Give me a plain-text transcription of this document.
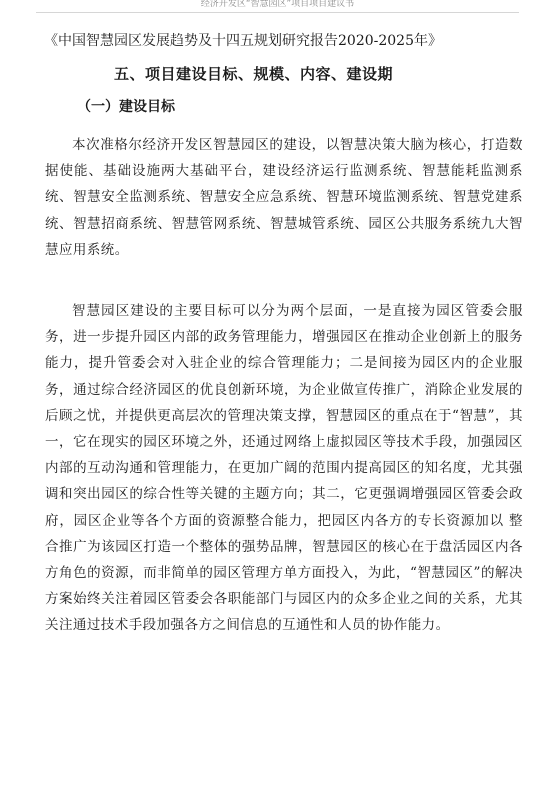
经济开发区“智慧园区”项目项目建议书
《中国智慧园区发展趋势及十四五规划研究报告2020-2025年》
五、项目建设目标、规模、内容、建设期
（一）建设目标

本次准格尔经济开发区智慧园区的建设，以智慧决策大脑为核心，打造数据使能、基础设施两大基础平台，建设经济运行监测系统、智慧能耗监测系统、智慧安全监测系统、智慧安全应急系统、智慧环境监测系统、智慧党建系统、智慧招商系统、智慧管网系统、智慧城管系统、园区公共服务系统九大智慧应用系统。

智慧园区建设的主要目标可以分为两个层面，一是直接为园区管委会服务，进一步提升园区内部的政务管理能力，增强园区在推动企业创新上的服务能力，提升管委会对入驻企业的综合管理能力；二是间接为园区内的企业服务，通过综合经济园区的优良创新环境，为企业做宣传推广，消除企业发展的后顾之忧，并提供更高层次的管理决策支撑，智慧园区的重点在于“智慧”，其一，它在现实的园区环境之外，还通过网络上虚拟园区等技术手段，加强园区内部的互动沟通和管理能力，在更加广阔的范围内提高园区的知名度，尤其强调和突出园区的综合性等关键的主题方向；其二，它更强调增强园区管委会政府，园区企业等各个方面的资源整合能力，把园区内各方的专长资源加以 整合推广为该园区打造一个整体的强势品牌，智慧园区的核心在于盘活园区内各方角色的资源，而非简单的园区管理方单方面投入，为此，“智慧园区”的解决方案始终关注着园区管委会各职能部门与园区内的众多企业之间的关系，尤其关注通过技术手段加强各方之间信息的互通性和人员的协作能力。
